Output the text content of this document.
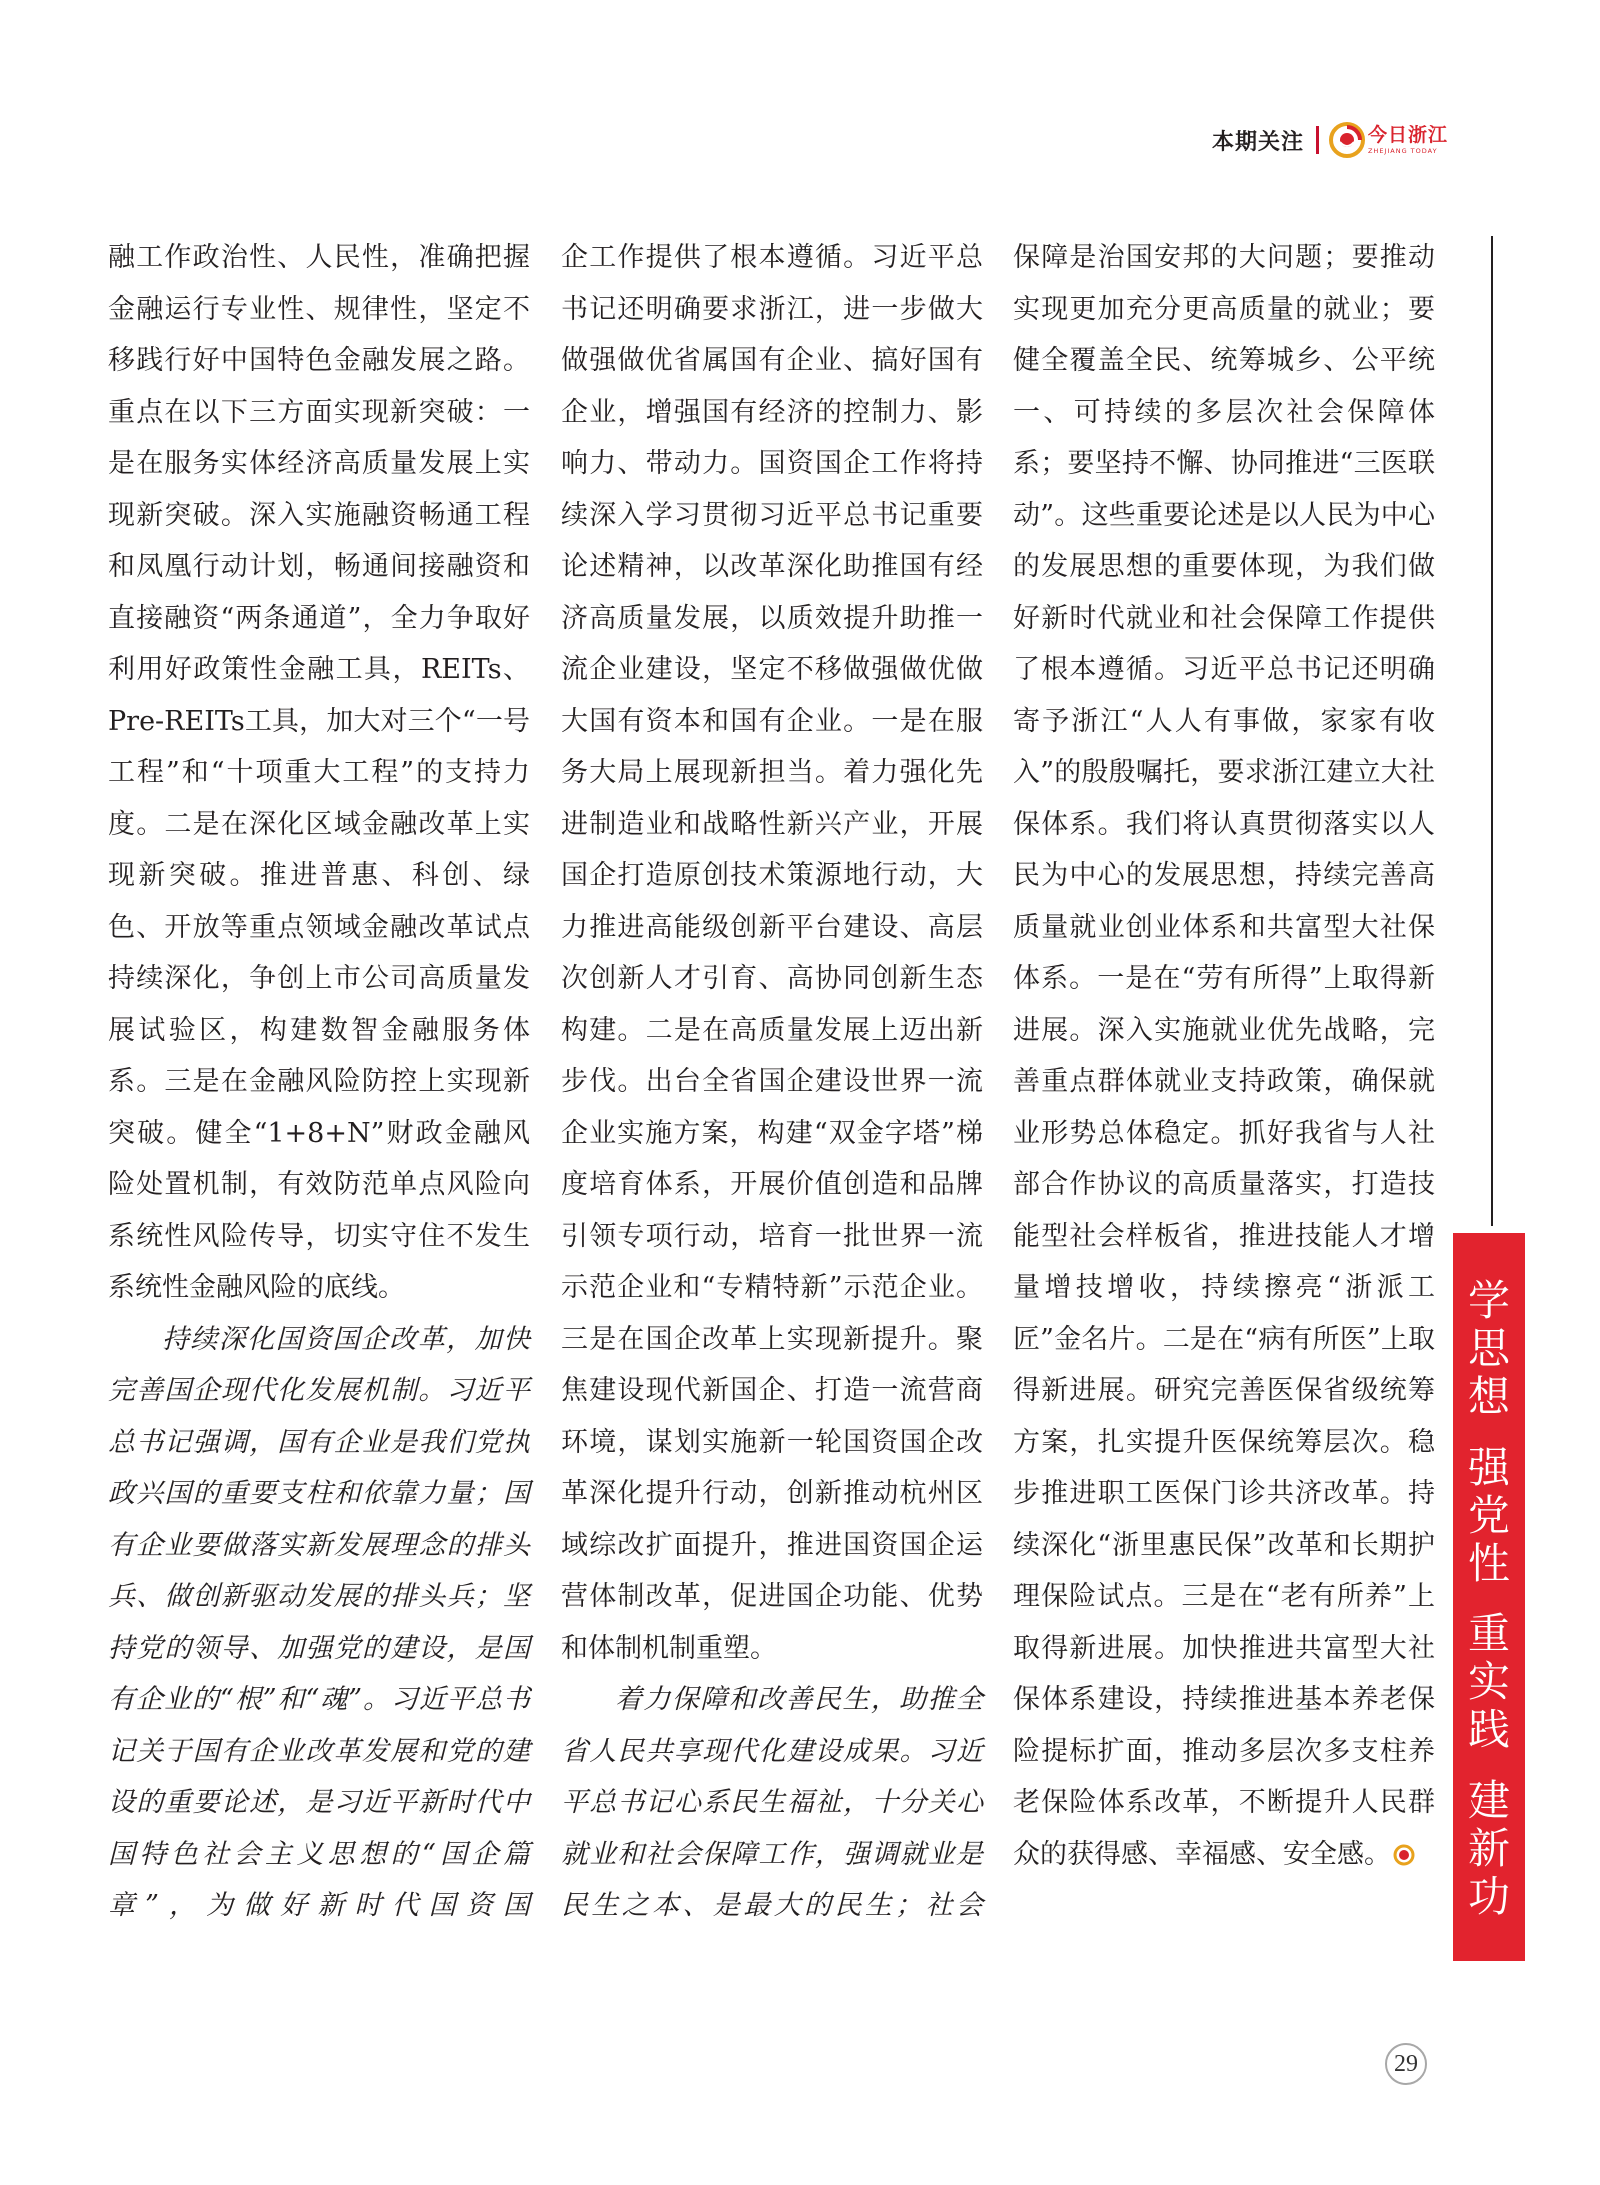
本期关注	今日浙江
ZHEJIANG TODAY

融工作政治性、人民性，准确把握金融运行专业性、规律性，坚定不移践行好中国特色金融发展之路。重点在以下三方面实现新突破：一是在服务实体经济高质量发展上实现新突破。深入实施融资畅通工程和凤凰行动计划，畅通间接融资和直接融资“两条通道”，全力争取好利用好政策性金融工具，REITs、Pre-REITs工具，加大对三个“一号工程”和“十项重大工程”的支持力度。二是在深化区域金融改革上实现新突破。推进普惠、科创、绿色、开放等重点领域金融改革试点持续深化，争创上市公司高质量发展试验区，构建数智金融服务体系。三是在金融风险防控上实现新突破。健全“1+8+N”财政金融风险处置机制，有效防范单点风险向系统性风险传导，切实守住不发生系统性金融风险的底线。

持续深化国资国企改革，加快完善国企现代化发展机制。习近平总书记强调，国有企业是我们党执政兴国的重要支柱和依靠力量；国有企业要做落实新发展理念的排头兵、做创新驱动发展的排头兵；坚持党的领导、加强党的建设，是国有企业的“根”和“魂”。习近平总书记关于国有企业改革发展和党的建设的重要论述，是习近平新时代中国特色社会主义思想的“国企篇章”，为做好新时代国资国

企工作提供了根本遵循。习近平总书记还明确要求浙江，进一步做大做强做优省属国有企业、搞好国有企业，增强国有经济的控制力、影响力、带动力。国资国企工作将持续深入学习贯彻习近平总书记重要论述精神，以改革深化助推国有经济高质量发展，以质效提升助推一流企业建设，坚定不移做强做优做大国有资本和国有企业。一是在服务大局上展现新担当。着力强化先进制造业和战略性新兴产业，开展国企打造原创技术策源地行动，大力推进高能级创新平台建设、高层次创新人才引育、高协同创新生态构建。二是在高质量发展上迈出新步伐。出台全省国企建设世界一流企业实施方案，构建“双金字塔”梯度培育体系，开展价值创造和品牌引领专项行动，培育一批世界一流示范企业和“专精特新”示范企业。三是在国企改革上实现新提升。聚焦建设现代新国企、打造一流营商环境，谋划实施新一轮国资国企改革深化提升行动，创新推动杭州区域综改扩面提升，推进国资国企运营体制改革，促进国企功能、优势和体制机制重塑。

着力保障和改善民生，助推全省人民共享现代化建设成果。习近平总书记心系民生福祉，十分关心就业和社会保障工作，强调就业是民生之本、是最大的民生；社会

保障是治国安邦的大问题；要推动实现更加充分更高质量的就业；要健全覆盖全民、统筹城乡、公平统一、可持续的多层次社会保障体系；要坚持不懈、协同推进“三医联动”。这些重要论述是以人民为中心的发展思想的重要体现，为我们做好新时代就业和社会保障工作提供了根本遵循。习近平总书记还明确寄予浙江“人人有事做，家家有收入”的殷殷嘱托，要求浙江建立大社保体系。我们将认真贯彻落实以人民为中心的发展思想，持续完善高质量就业创业体系和共富型大社保体系。一是在“劳有所得”上取得新进展。深入实施就业优先战略，完善重点群体就业支持政策，确保就业形势总体稳定。抓好我省与人社部合作协议的高质量落实，打造技能型社会样板省，推进技能人才增量增技增收，持续擦亮“浙派工匠”金名片。二是在“病有所医”上取得新进展。研究完善医保省级统筹方案，扎实提升医保统筹层次。稳步推进职工医保门诊共济改革。持续深化“浙里惠民保”改革和长期护理保险试点。三是在“老有所养”上取得新进展。加快推进共富型大社保体系建设，持续推进基本养老保险提标扩面，推动多层次多支柱养老保险体系改革，不断提升人民群众的获得感、幸福感、安全感。

学
思
想
强
党
性
重
实
践
建
新
功
29
